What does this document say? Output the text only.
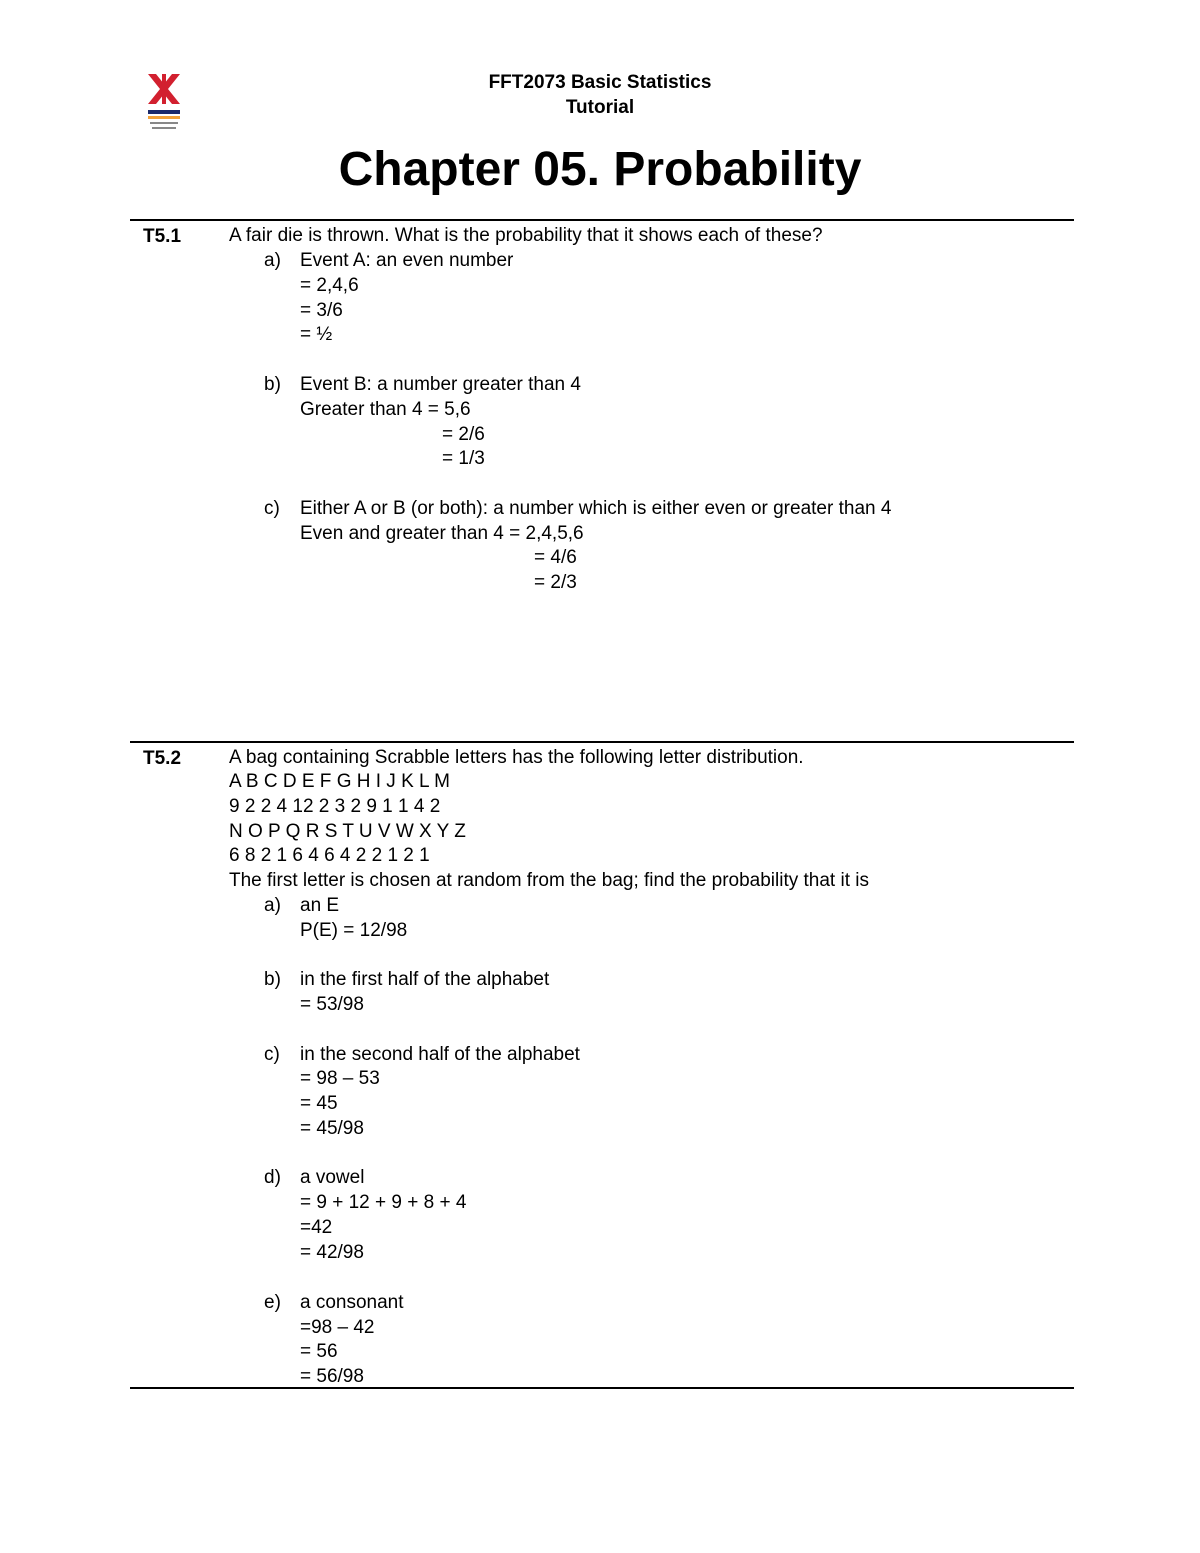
FFT2073 Basic Statistics
Tutorial
Chapter 05. Probability
T5.1	A fair die is thrown. What is the probability that it shows each of these?
a) Event A: an even number
= 2,4,6
= 3/6
= ½
b) Event B: a number greater than 4
Greater than 4 = 5,6
= 2/6
= 1/3
c) Either A or B (or both): a number which is either even or greater than 4
Even and greater than 4 = 2,4,5,6
= 4/6
= 2/3
T5.2	A bag containing Scrabble letters has the following letter distribution.
A B C D E F G H I J K L M
9 2 2 4 12 2 3 2 9 1 1 4 2
N O P Q R S T U V W X Y Z
6 8 2 1 6 4 6 4 2 2 1 2 1
The first letter is chosen at random from the bag; find the probability that it is
a) an E
P(E) = 12/98
b) in the first half of the alphabet
= 53/98
c) in the second half of the alphabet
= 98 – 53
= 45
= 45/98
d) a vowel
= 9 + 12 + 9 + 8 + 4
=42
= 42/98
e) a consonant
=98 – 42
= 56
= 56/98
